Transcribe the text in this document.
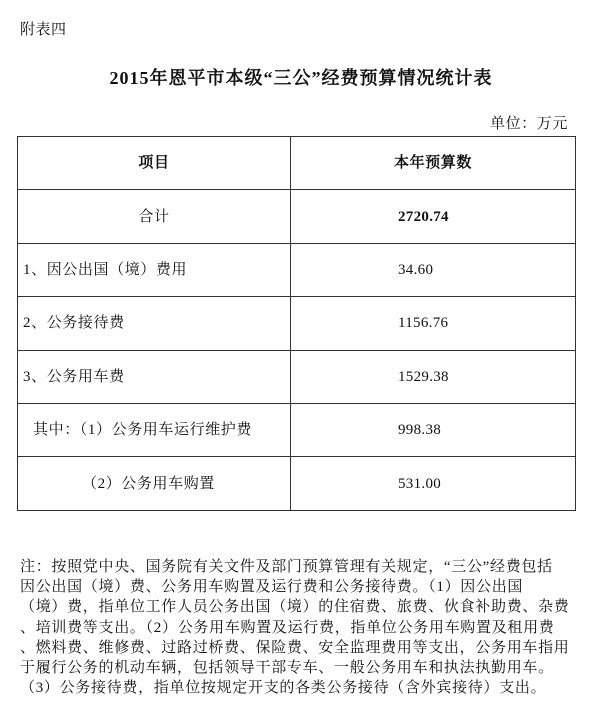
附表四
2015年恩平市本级“三公”经费预算情况统计表
单位：万元
项目	本年预算数
合计	2720.74
1、因公出国（境）费用	34.60
2、公务接待费	1156.76
3、公务用车费	1529.38
其中：（1）公务用车运行维护费	998.38
（2）公务用车购置	531.00
注：按照党中央、国务院有关文件及部门预算管理有关规定，“三公”经费包括
因公出国（境）费、公务用车购置及运行费和公务接待费。（1）因公出国
（境）费，指单位工作人员公务出国（境）的住宿费、旅费、伙食补助费、杂费
、培训费等支出。（2）公务用车购置及运行费，指单位公务用车购置及租用费
、燃料费、维修费、过路过桥费、保险费、安全监理费用等支出，公务用车指用
于履行公务的机动车辆，包括领导干部专车、一般公务用车和执法执勤用车。
（3）公务接待费，指单位按规定开支的各类公务接待（含外宾接待）支出。
